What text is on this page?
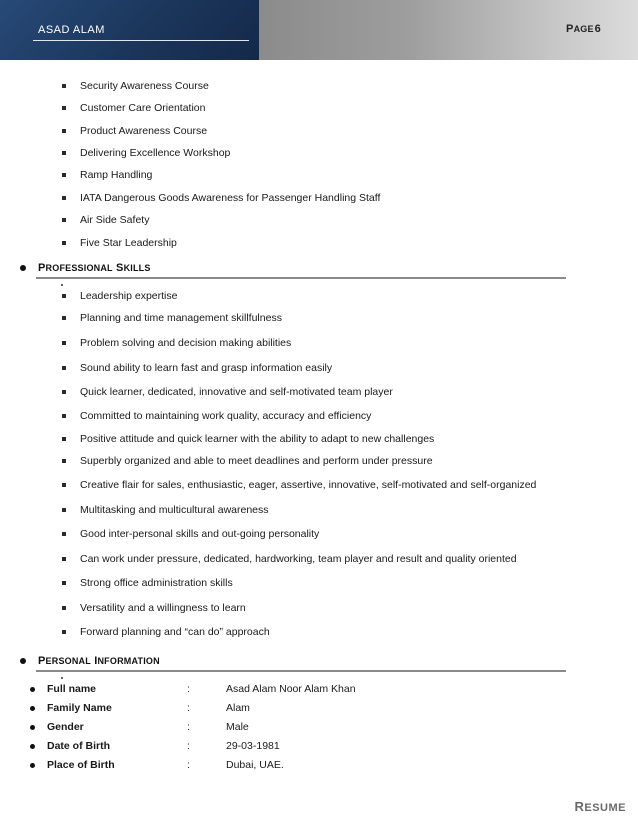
ASAD ALAM	PAGE6
Security Awareness Course
Customer Care Orientation
Product Awareness Course
Delivering Excellence Workshop
Ramp Handling
IATA Dangerous Goods Awareness for Passenger Handling Staff
Air Side Safety
Five Star Leadership
PROFESSIONAL SKILLS
Leadership expertise
Planning and time management skillfulness
Problem solving and decision making abilities
Sound ability to learn fast and grasp information easily
Quick learner, dedicated, innovative and self-motivated team player
Committed to maintaining work quality, accuracy and efficiency
Positive attitude and quick learner with the ability to adapt to new challenges
Superbly organized and able to meet deadlines and perform under pressure
Creative flair for sales, enthusiastic, eager, assertive, innovative, self-motivated and self-organized
Multitasking and multicultural awareness
Good inter-personal skills and out-going personality
Can work under pressure, dedicated, hardworking, team player and result and quality oriented
Strong office administration skills
Versatility and a willingness to learn
Forward planning and “can do” approach
PERSONAL INFORMATION
Full name	:	Asad Alam Noor Alam Khan
Family Name	:	Alam
Gender	:	Male
Date of Birth	:	29-03-1981
Place of Birth	:	Dubai, UAE.
RESUME
